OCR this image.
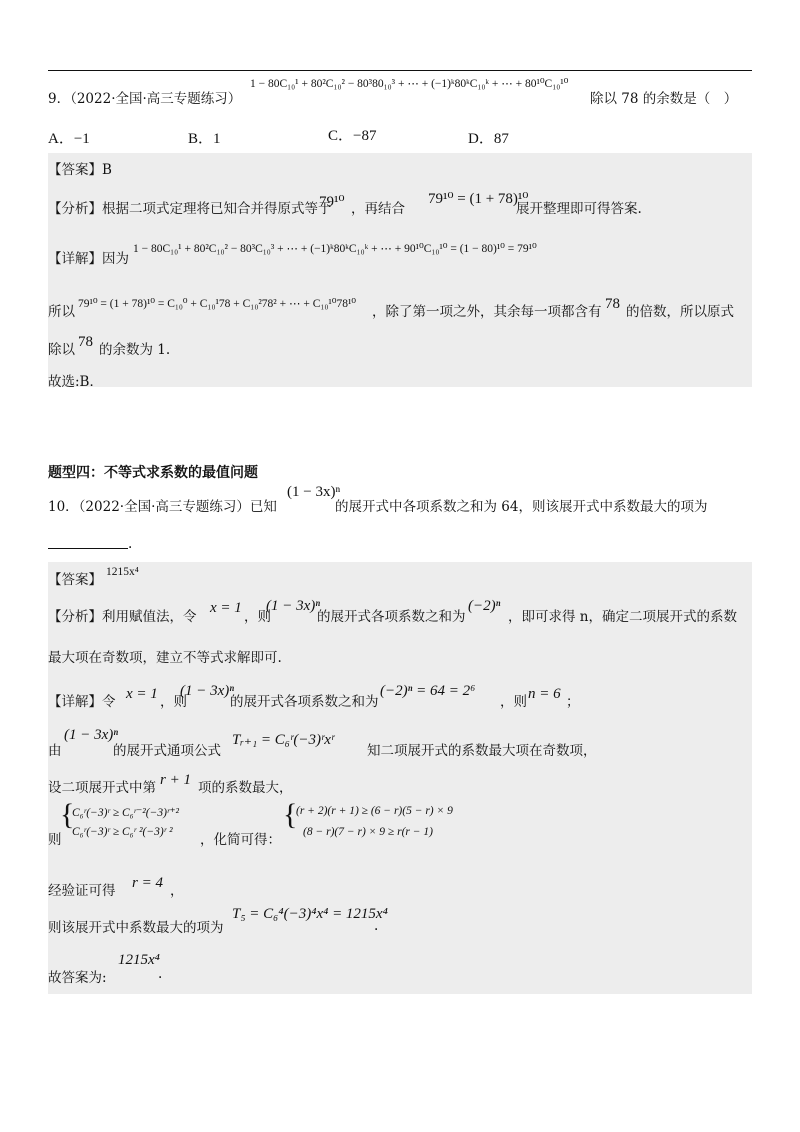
9．（2022·全国·高三专题练习）
1 − 80C₁₀¹ + 80²C₁₀² − 80³80₁₀³ + ⋯ + (−1)ᵏ80ᵏC₁₀ᵏ + ⋯ + 80¹⁰C₁₀¹⁰
除以 78 的余数是（　）
A．−1	B．1	C．−87	D．87
【答案】B
【分析】根据二项式定理将已知合并得原式等于
79¹⁰ ，再结合
79¹⁰ = (1 + 78)¹⁰
展开整理即可得答案.
【详解】因为
1 − 80C₁₀¹ + 80²C₁₀² − 80³C₁₀³ + ⋯ + (−1)ᵏ80ᵏC₁₀ᵏ + ⋯ + 90¹⁰C₁₀¹⁰ = (1 − 80)¹⁰ = 79¹⁰
所以 79¹⁰ = (1 + 78)¹⁰ = C₁₀⁰ + C₁₀¹78 + C₁₀²78² + ⋯ + C₁₀¹⁰78¹⁰ ，除了第一项之外，其余每一项都含有 78 的倍数，所以原式
除以 78 的余数为 1.
故选:B．
题型四：不等式求系数的最值问题
10．（2022·全国·高三专题练习）已知
(1 − 3x)ⁿ
的展开式中各项系数之和为 64，则该展开式中系数最大的项为
.
【答案】 1215x⁴
【分析】利用赋值法，令
x = 1
，则
(1 − 3x)ⁿ
的展开式各项系数之和为
(−2)ⁿ
，即可求得 n，确定二项展开式的系数
最大项在奇数项，建立不等式求解即可.
【详解】令 x = 1 ，则
(1 − 3x)ⁿ
的展开式各项系数之和为
(−2)ⁿ = 64 = 2⁶
，则 n = 6 ；
由
(1 − 3x)ⁿ
的展开式通项公式
Tᵣ₊₁ = C₆ʳ(−3)ʳxʳ
知二项展开式的系数最大项在奇数项，
设二项展开式中第 r + 1 项的系数最大，
则
{
C₆ʳ(−3)ʳ ≥ C₆ʳ⁻²(−3)ʳ⁺²
C₆ʳ(−3)ʳ ≥ C₆ʳ ²(−3)ʳ ² ，化简可得：
{
(r + 2)(r + 1) ≥ (6 − r)(5 − r) × 9
(8 − r)(7 − r) × 9 ≥ r(r − 1)
经验证可得 r = 4 ，
则该展开式中系数最大的项为
T₅ = C₆⁴(−3)⁴x⁴ = 1215x⁴
.
故答案为:
1215x⁴
.
